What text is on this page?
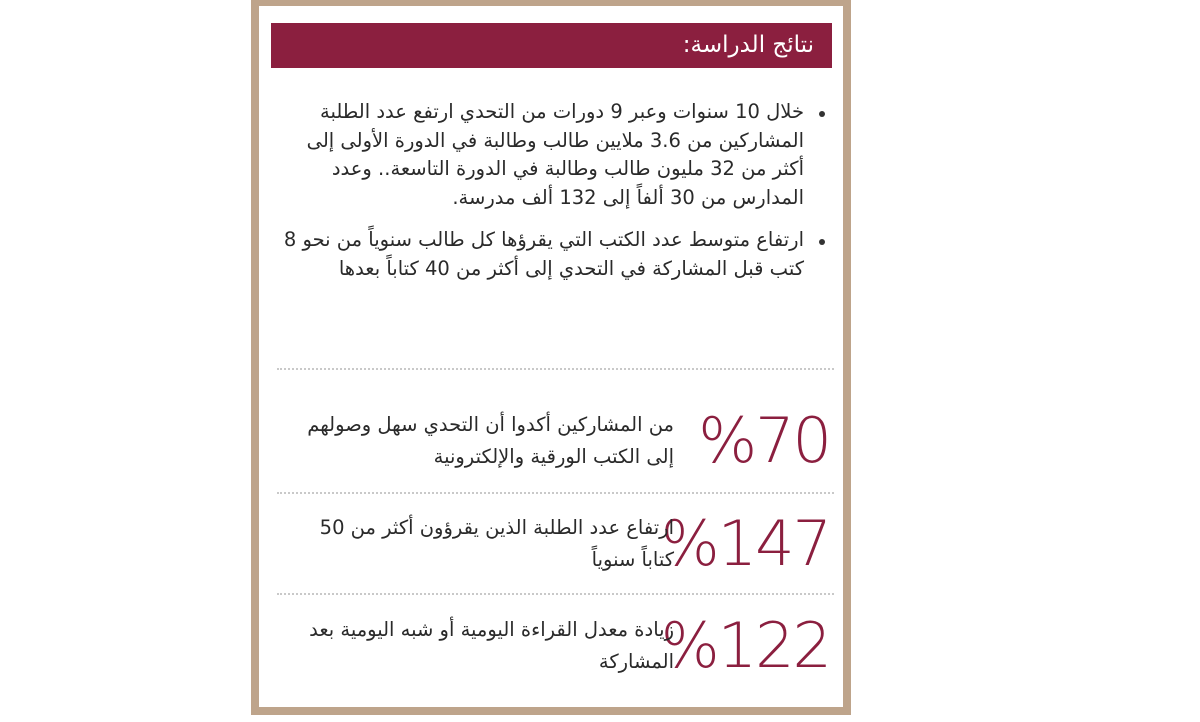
نتائج الدراسة:
خلال 10 سنوات وعبر 9 دورات من التحدي ارتفع عدد الطلبة المشاركين من 3.6 ملايين طالب وطالبة في الدورة الأولى إلى أكثر من 32 مليون طالب وطالبة في الدورة التاسعة.. وعدد المدارس من 30 ألفاً إلى 132 ألف مدرسة.
ارتفاع متوسط عدد الكتب التي يقرؤها كل طالب سنوياً من نحو 8 كتب قبل المشاركة في التحدي إلى أكثر من 40 كتاباً بعدها
%70
من المشاركين أكدوا أن التحدي سهل وصولهم إلى الكتب الورقية والإلكترونية
%147
ارتفاع عدد الطلبة الذين يقرؤون أكثر من 50 كتاباً سنوياً
%122
زيادة معدل القراءة اليومية أو شبه اليومية بعد المشاركة
